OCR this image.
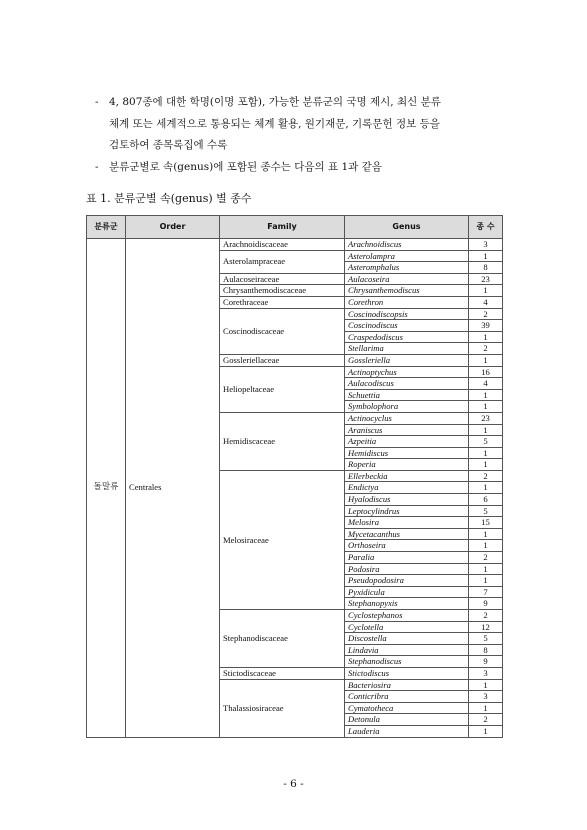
- 4, 807종에 대한 학명(이명 포함), 가능한 분류군의 국명 제시, 최신 분류
체계 또는 세계적으로 통용되는 체계 활용, 원기재문, 기록문헌 정보 등을
검토하여 종목록집에 수록
- 분류군별로 속(genus)에 포함된 종수는 다음의 표 1과 같음
표 1. 분류군별 속(genus) 별 종수
분류군	Order	Family	Genus	종 수
돌말류	Centrales	Arachnoidiscaceae	Arachnoidiscus	3
		Asterolampraceae	Asterolampra	1
			Asteromphalus	8
		Aulacoseiraceae	Aulacoseira	23
		Chrysanthemodiscaceae	Chrysanthemodiscus	1
		Corethraceae	Corethron	4
		Coscinodiscaceae	Coscinodiscopsis	2
			Coscinodiscus	39
			Craspedodiscus	1
			Stellarima	2
		Gossleriellaceae	Gossleriella	1
		Heliopeltaceae	Actinoptychus	16
			Aulacodiscus	4
			Schuettia	1
			Symbolophora	1
		Hemidiscaceae	Actinocyclus	23
			Araniscus	1
			Azpeitia	5
			Hemidiscus	1
			Roperia	1
		Melosiraceae	Ellerbeckia	2
			Endictya	1
			Hyalodiscus	6
			Leptocylindrus	5
			Melosira	15
			Mycetacanthus	1
			Orthoseira	1
			Paralia	2
			Podosira	1
			Pseudopodosira	1
			Pyxidicula	7
			Stephanopyxis	9
		Stephanodiscaceae	Cyclostephanos	2
			Cyclotella	12
			Discostella	5
			Lindavia	8
			Stephanodiscus	9
		Stictodiscaceae	Stictodiscus	3
		Thalassiosiraceae	Bacteriosira	1
			Conticribra	3
			Cymatotheca	1
			Detonula	2
			Lauderia	1
- 6 -
